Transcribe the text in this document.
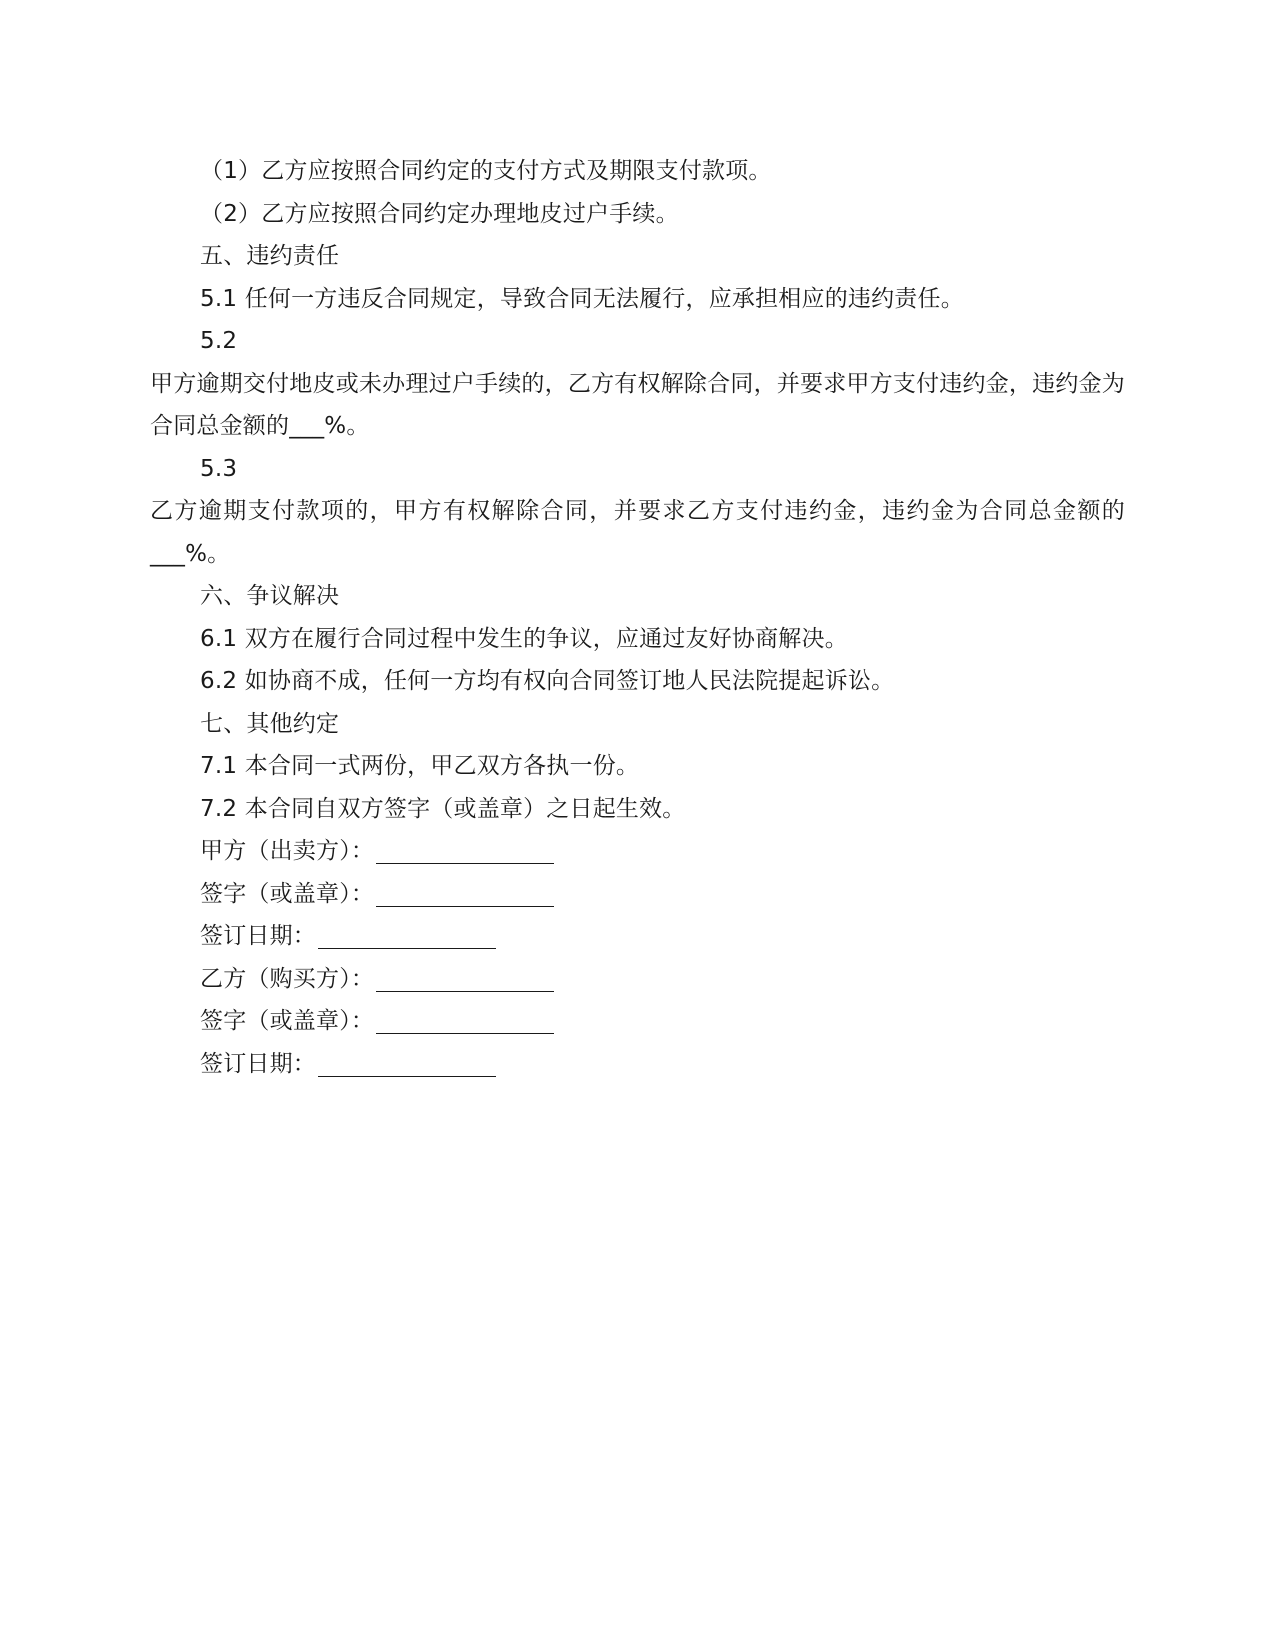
（1）乙方应按照合同约定的支付方式及期限支付款项。
（2）乙方应按照合同约定办理地皮过户手续。
五、违约责任
5.1 任何一方违反合同规定，导致合同无法履行，应承担相应的违约责任。
5.2
甲方逾期交付地皮或未办理过户手续的，乙方有权解除合同，并要求甲方支付违约金，违约金为合同总金额的___%。
5.3
乙方逾期支付款项的，甲方有权解除合同，并要求乙方支付违约金，违约金为合同总金额的___%。
六、争议解决
6.1 双方在履行合同过程中发生的争议，应通过友好协商解决。
6.2 如协商不成，任何一方均有权向合同签订地人民法院提起诉讼。
七、其他约定
7.1 本合同一式两份，甲乙双方各执一份。
7.2 本合同自双方签字（或盖章）之日起生效。
甲方（出卖方）：
签字（或盖章）：
签订日期：
乙方（购买方）：
签字（或盖章）：
签订日期：
